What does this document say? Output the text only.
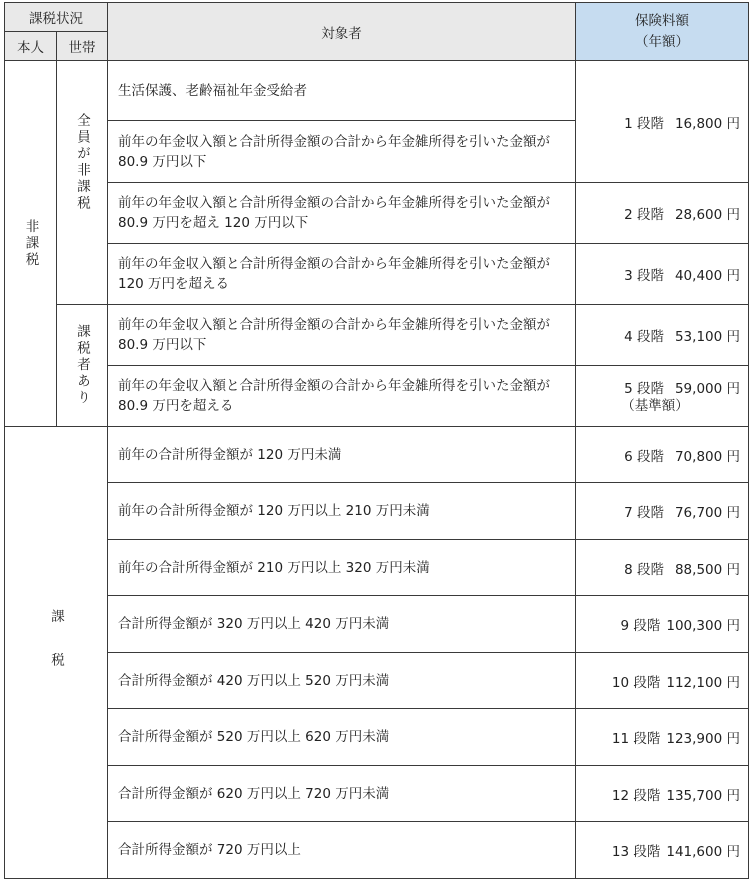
課税状況		対象者	保険料額
（年額）

本人	世帯		

非課税	全員が非課税	生活保護、老齢福祉年金受給者	1 段階 16,800 円
		前年の年金収入額と合計所得金額の合計から年金雑所得を引いた金額が 80.9 万円以下	
		前年の年金収入額と合計所得金額の合計から年金雑所得を引いた金額が 80.9 万円を超え 120 万円以下	2 段階 28,600 円
		前年の年金収入額と合計所得金額の合計から年金雑所得を引いた金額が 120 万円を超える	3 段階 40,400 円

	課税者あり	前年の年金収入額と合計所得金額の合計から年金雑所得を引いた金額が 80.9 万円以下	4 段階 53,100 円
		前年の年金収入額と合計所得金額の合計から年金雑所得を引いた金額が 80.9 万円を超える	5 段階 59,000 円
（基準額）

課税		前年の合計所得金額が 120 万円未満	6 段階 70,800 円
		前年の合計所得金額が 120 万円以上 210 万円未満	7 段階 76,700 円
		前年の合計所得金額が 210 万円以上 320 万円未満	8 段階 88,500 円
		合計所得金額が 320 万円以上 420 万円未満	9 段階 100,300 円
		合計所得金額が 420 万円以上 520 万円未満	10 段階 112,100 円
		合計所得金額が 520 万円以上 620 万円未満	11 段階 123,900 円
		合計所得金額が 620 万円以上 720 万円未満	12 段階 135,700 円
		合計所得金額が 720 万円以上	13 段階 141,600 円
